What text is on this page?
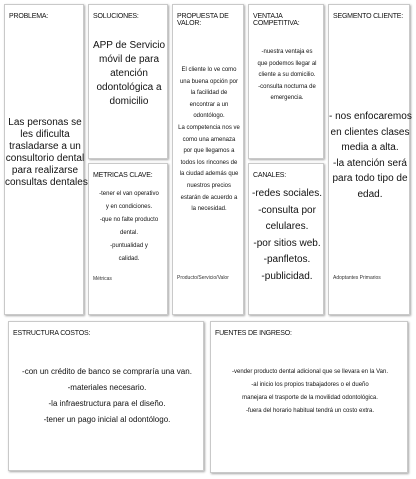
PROBLEMA:
Las personas se
les dificulta
trasladarse a un
consultorio dental
para realizarse
consultas dentales
SOLUCIONES:
APP de Servicio
móvil de para
atención
odontológica a
domicilio
METRICAS CLAVE:
-tener el van operativo
y en condiciones.
-que no falte producto
dental.
-puntualidad y
calidad.
Métricas
PROPUESTA DE VALOR:
El cliente lo ve como
una buena opción por
la facilidad de
encontrar a un
odontólogo.
La competencia nos ve
como una amenaza
por que llegamos a
todos los rincones de
la ciudad además que
nuestros precios
estarán de acuerdo a
la necesidad.
Producto/Servicio/Valor
VENTAJA COMPETITIVA:
-nuestra ventaja es
que podemos llegar al
cliente a su domicilio.
-consulta nocturna de
emergencia.
CANALES:
-redes sociales.
-consulta por
celulares.
-por sitios web.
-panfletos.
-publicidad.
SEGMENTO CLIENTE:
- nos enfocaremos
en clientes clases
media a alta.
-la atención será
para todo tipo de
edad.
Adoptantes Primarios
ESTRUCTURA COSTOS:
-con un crédito de banco se compraría una van.
-materiales necesario.
-la infraestructura para el diseño.
-tener un pago inicial al odontólogo.
FUENTES DE INGRESO:
-vender producto dental adicional que se llevara en la Van.
-al inicio los propios trabajadores o el dueño
manejara el trasporte de la movilidad odontológica.
-fuera del horario habitual tendrá un costo extra.
